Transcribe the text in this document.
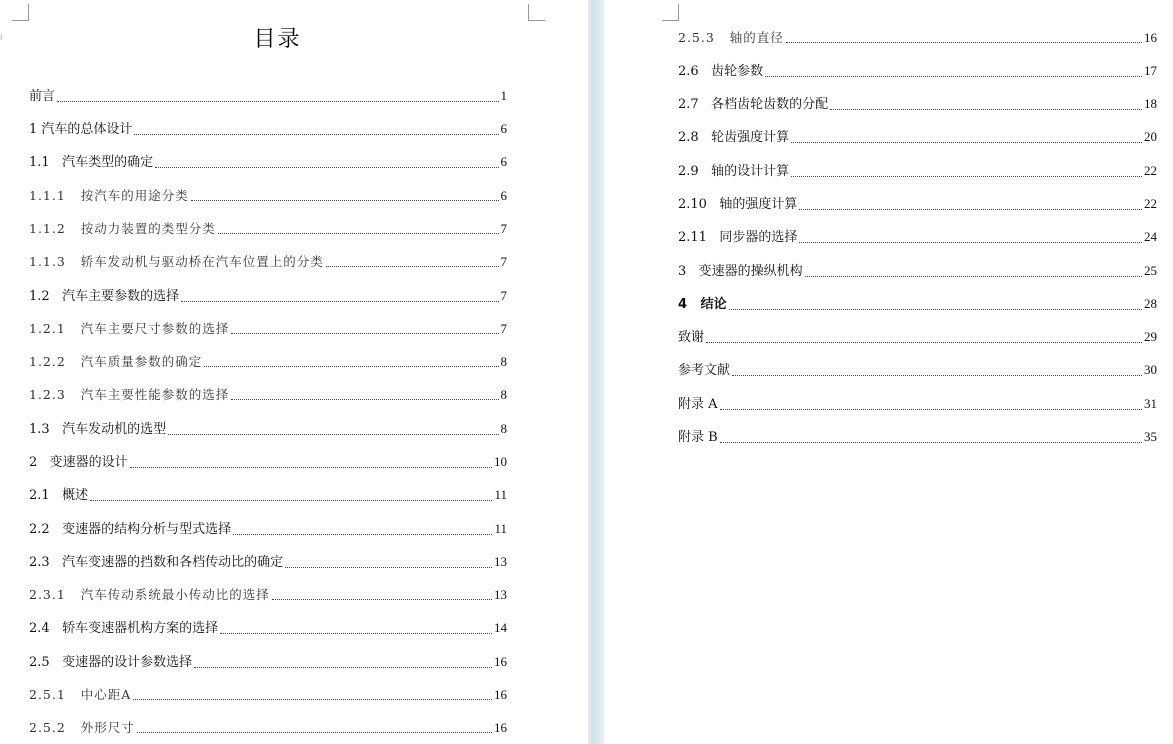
⁝	目录
前言	1
1 汽车的总体设计	6
1.1   汽车类型的确定	6
1.1.1   按汽车的用途分类	6
1.1.2   按动力装置的类型分类	7
1.1.3   轿车发动机与驱动桥在汽车位置上的分类	7
1.2   汽车主要参数的选择	7
1.2.1   汽车主要尺寸参数的选择	7
1.2.2   汽车质量参数的确定	8
1.2.3   汽车主要性能参数的选择	8
1.3   汽车发动机的选型	8
2   变速器的设计	10
2.1   概述	11
2.2   变速器的结构分析与型式选择	11
2.3   汽车变速器的挡数和各档传动比的确定	13
2.3.1   汽车传动系统最小传动比的选择	13
2.4   轿车变速器机构方案的选择	14
2.5   变速器的设计参数选择	16
2.5.1   中心距A	16
2.5.2   外形尺寸	16
2.5.3   轴的直径	16
2.6   齿轮参数	17
2.7   各档齿轮齿数的分配	18
2.8   轮齿强度计算	20
2.9   轴的设计计算	22
2.10   轴的强度计算	22
2.11   同步器的选择	24
3   变速器的操纵机构	25
4   结论	28
致谢	29
参考文献	30
附录 A	31
附录 B	35
